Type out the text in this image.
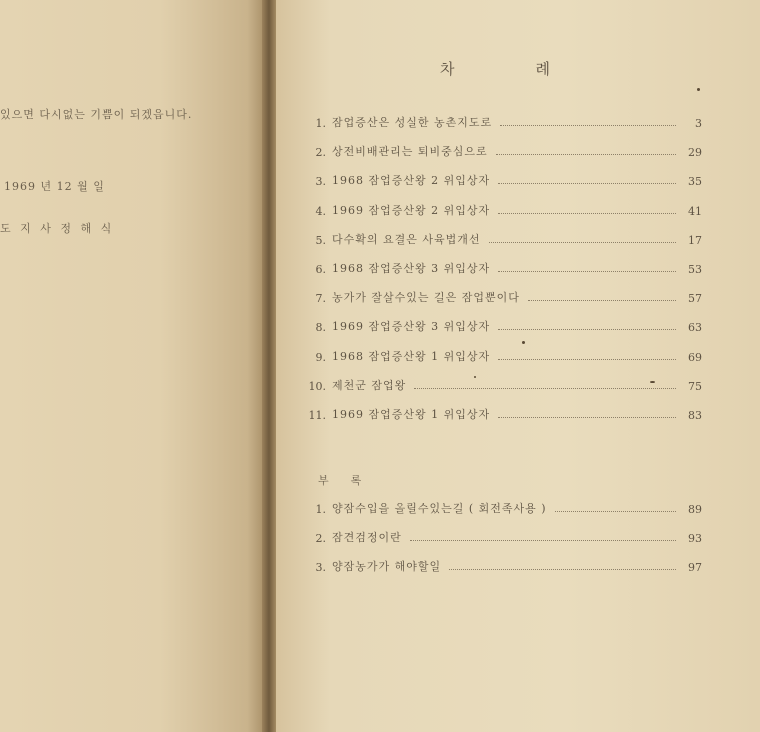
있으면 다시없는 기쁨이 되겠읍니다.
1969 년 12 월 일
도 지 사 정 해 식
차	례
1. 잠업증산은 성실한 농촌지도로	3
2. 상전비배관리는 퇴비중심으로	29
3. 1968 잠업증산왕 2 위입상자	35
4. 1969 잠업증산왕 2 위입상자	41
5. 다수확의 요결은 사육법개선	17
6. 1968 잠업증산왕 3 위입상자	53
7. 농가가 잘살수있는 길은 잠업뿐이다	57
8. 1969 잠업증산왕 3 위입상자	63
9. 1968 잠업증산왕 1 위입상자	69
10. 제천군 잠업왕	75
11. 1969 잠업증산왕 1 위입상자	83
부 록
1. 양잠수입을 올릴수있는길 ( 회전족사용 )	89
2. 잠견검정이란	93
3. 양잠농가가 해야할일	97
